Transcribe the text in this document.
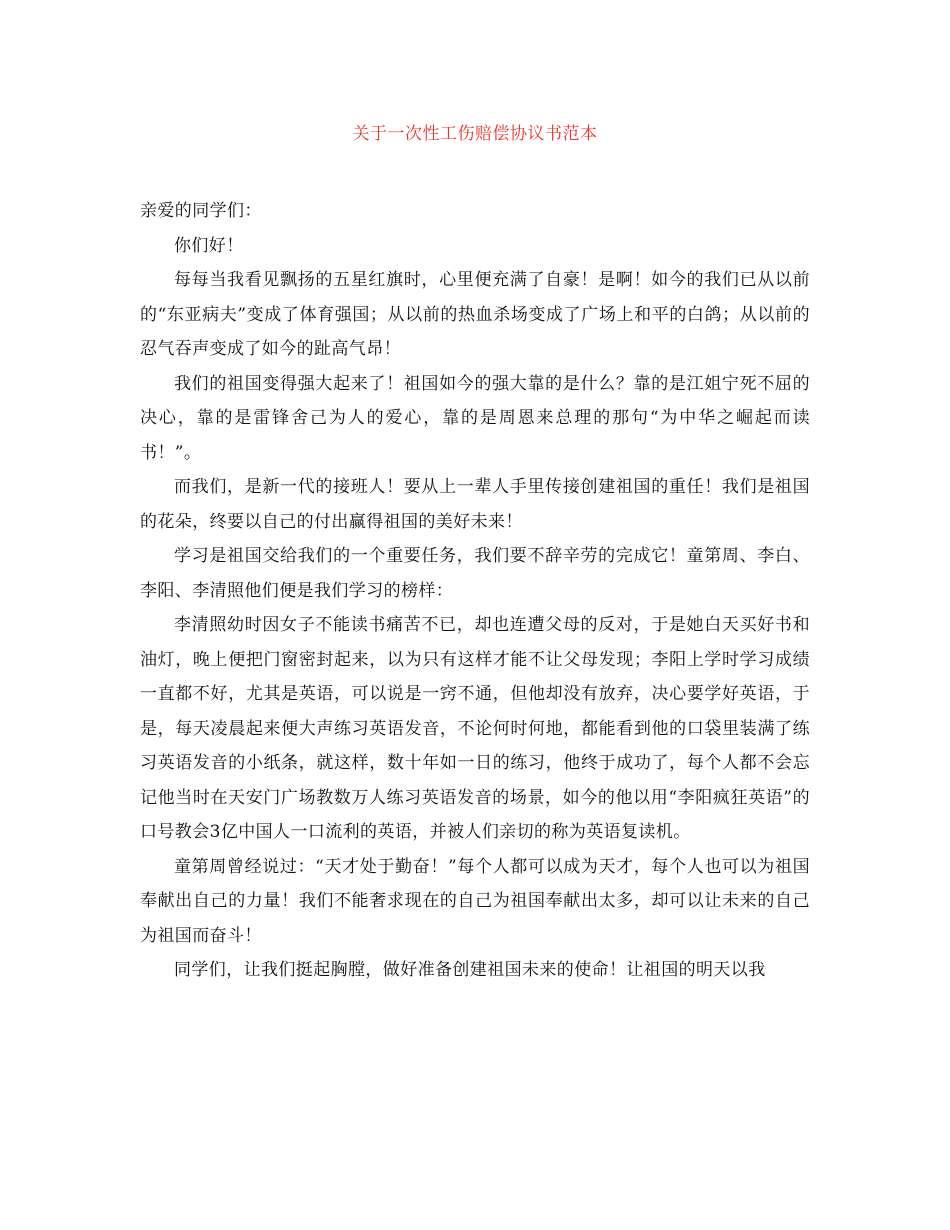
关于一次性工伤赔偿协议书范本

亲爱的同学们：

你们好！

每每当我看见飘扬的五星红旗时，心里便充满了自豪！是啊！如今的我们已从以前的“东亚病夫”变成了体育强国；从以前的热血杀场变成了广场上和平的白鸽；从以前的忍气吞声变成了如今的趾高气昂！

我们的祖国变得强大起来了！祖国如今的强大靠的是什么？靠的是江姐宁死不屈的决心，靠的是雷锋舍己为人的爱心，靠的是周恩来总理的那句“为中华之崛起而读书！”。

而我们，是新一代的接班人！要从上一辈人手里传接创建祖国的重任！我们是祖国的花朵，终要以自己的付出赢得祖国的美好未来！

学习是祖国交给我们的一个重要任务，我们要不辞辛劳的完成它！童第周、李白、李阳、李清照他们便是我们学习的榜样：

李清照幼时因女子不能读书痛苦不已，却也连遭父母的反对，于是她白天买好书和油灯，晚上便把门窗密封起来，以为只有这样才能不让父母发现；李阳上学时学习成绩一直都不好，尤其是英语，可以说是一窍不通，但他却没有放弃，决心要学好英语，于是，每天凌晨起来便大声练习英语发音，不论何时何地，都能看到他的口袋里装满了练习英语发音的小纸条，就这样，数十年如一日的练习，他终于成功了，每个人都不会忘记他当时在天安门广场教数万人练习英语发音的场景，如今的他以用“李阳疯狂英语”的口号教会3亿中国人一口流利的英语，并被人们亲切的称为英语复读机。

童第周曾经说过：“天才处于勤奋！”每个人都可以成为天才，每个人也可以为祖国奉献出自己的力量！我们不能奢求现在的自己为祖国奉献出太多，却可以让未来的自己为祖国而奋斗！

同学们，让我们挺起胸膛，做好准备创建祖国未来的使命！让祖国的明天以我
